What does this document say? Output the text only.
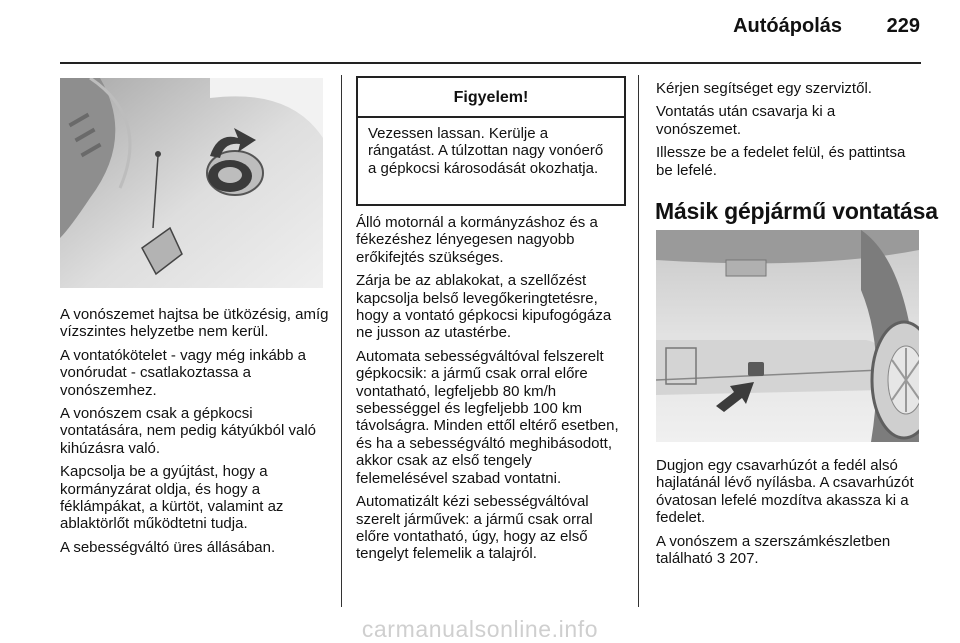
Autóápolás	229

A vonószemet hajtsa be ütközésig, amíg vízszintes helyzetbe nem kerül.

A vontatókötelet - vagy még inkább a vonórudat - csatlakoztassa a vonószemhez.

A vonószem csak a gépkocsi vontatására, nem pedig kátyúkból való kihúzásra való.

Kapcsolja be a gyújtást, hogy a kormányzárat oldja, és hogy a féklámpákat, a kürtöt, valamint az ablaktörlőt működtetni tudja.

A sebességváltó üres állásában.

Figyelem!
Vezessen lassan. Kerülje a rángatást. A túlzottan nagy vonóerő a gépkocsi károsodását okozhatja.

Álló motornál a kormányzáshoz és a fékezéshez lényegesen nagyobb erőkifejtés szükséges.

Zárja be az ablakokat, a szellőzést kapcsolja belső levegőkeringtetésre, hogy a vontató gépkocsi kipufogógáza ne jusson az utastérbe.

Automata sebességváltóval felszerelt gépkocsik: a jármű csak orral előre vontatható, legfeljebb 80 km/h sebességgel és legfeljebb 100 km távolságra. Minden ettől eltérő esetben, és ha a sebességváltó meghibásodott, akkor csak az első tengely felemelésével szabad vontatni.

Automatizált kézi sebességváltóval szerelt járművek: a jármű csak orral előre vontatható, úgy, hogy az első tengelyt felemelik a talajról.

Kérjen segítséget egy szerviztől.

Vontatás után csavarja ki a vonószemet.

Illessze be a fedelet felül, és pattintsa be lefelé.

Másik gépjármű vontatása

Dugjon egy csavarhúzót a fedél alsó hajlatánál lévő nyílásba. A csavarhúzót óvatosan lefelé mozdítva akassza ki a fedelet.

A vonószem a szerszámkészletben található 3 207.

carmanualsonline.info
